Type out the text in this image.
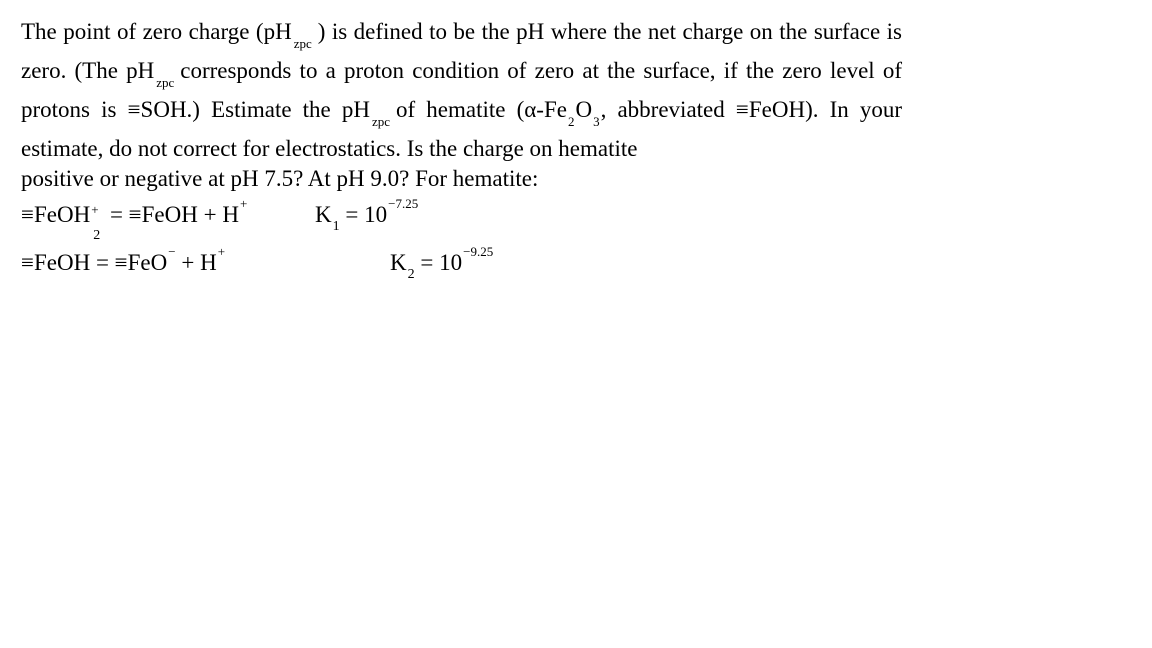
The point of zero charge (pH zpc ) is defined to be the pH where the net charge on the surface is zero. (The pH zpc corresponds to a proton condition of zero at the surface, if the zero level of protons is ≡SOH.) Estimate the pH zpc of hematite (α-Fe2O3, abbreviated ≡FeOH). In your estimate, do not correct for electrostatics. Is the charge on hematite
positive or negative at pH 7.5? At pH 9.0? For hematite:

≡FeOH +
2
= ≡FeOH + H+	$K_1 = 10^{-7.25}$
≡FeOH = ≡FeO− + H+	$K_2 = 10^{-9.25}$
